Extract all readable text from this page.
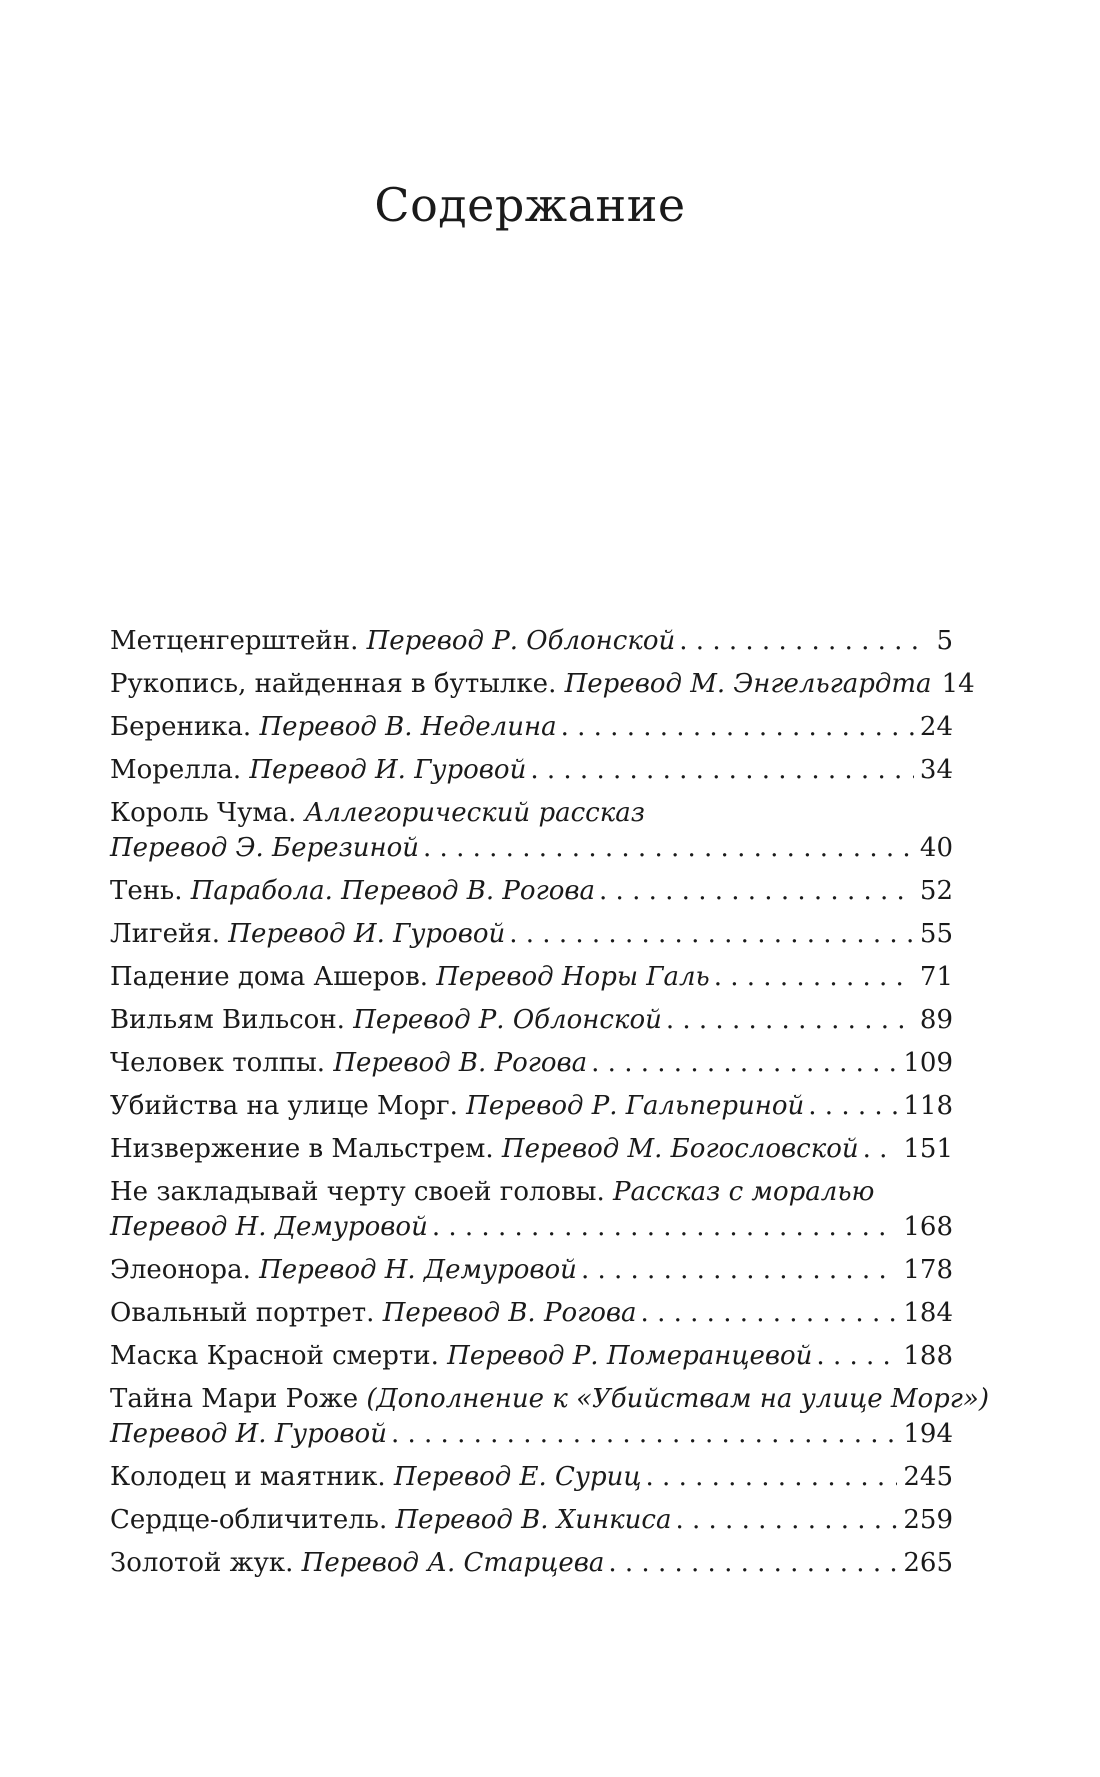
Содержание
Метценгерштейн.
Перевод Р. Облонской . . .	5
Рукопись, найденная в бутылке.
Перевод М. Энгельгардта 14
Береника.
Перевод В. Неделина . . .	24
Морелла.
Перевод И. Гуровой . . .	34
Король Чума.
Аллегорический рассказ
Перевод Э. Березиной . . .	40
Тень.
Парабола. Перевод В. Рогова . . .	52
Лигейя.
Перевод И. Гуровой . . .	55
Падение дома Ашеров.
Перевод Норы Галь . . .	71
Вильям Вильсон.
Перевод Р. Облонской . . .	89
Человек толпы.
Перевод В. Рогова . . .	109
Убийства на улице Морг.
Перевод Р. Гальпериной . . .	118
Низвержение в Мальстрем.
Перевод М. Богословской . . . 151
Не закладывай черту своей головы.
Рассказ с моралью
Перевод Н. Демуровой . . .	168
Элеонора.
Перевод Н. Демуровой . . .	178
Овальный портрет.
Перевод В. Рогова . . .	184
Маска Красной смерти.
Перевод Р. Померанцевой . . .	188
Тайна Мари Роже
(Дополнение к «Убийствам на улице Морг»)
Перевод И. Гуровой . . .	194
Колодец и маятник.
Перевод Е. Суриц . . .	245
Сердце-обличитель.
Перевод В. Хинкиса . . .	259
Золотой жук.
Перевод А. Старцева . . .	265
